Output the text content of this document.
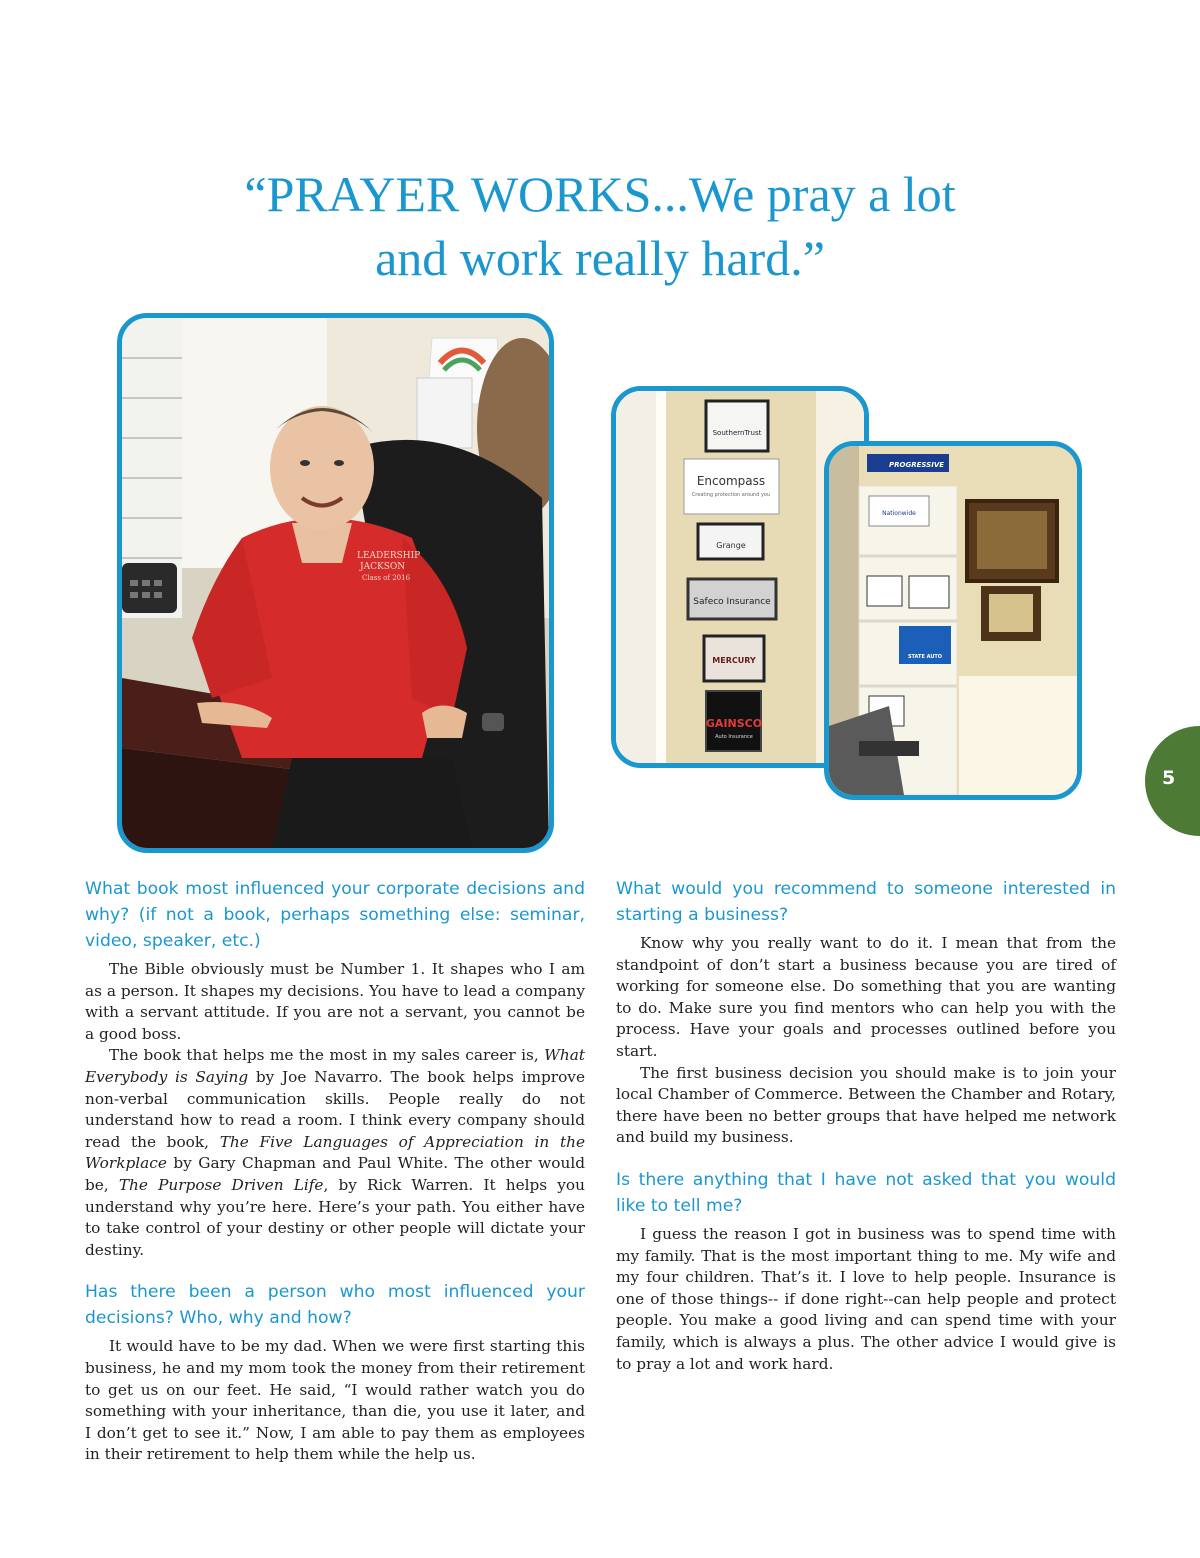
“PRAYER WORKS...We pray a lot
and work really hard.”
LEADERSHIP
JACKSON
Class of 2016
SouthernTrust
Encompass
Creating protection around you
Grange
Safeco Insurance
MERCURY
GAINSCO
Auto Insurance
PROGRESSIVE
Nationwide
STATE AUTO

What book most influenced your corporate decisions and why? (if not a book, perhaps something else: seminar, video, speaker, etc.)

The Bible obviously must be Number 1. It shapes who I am as a person. It shapes my decisions. You have to lead a company with a servant attitude. If you are not a servant, you cannot be a good boss.

The book that helps me the most in my sales career is, What Everybody is Saying by Joe Navarro. The book helps improve non-verbal communication skills. People really do not understand how to read a room. I think every company should read the book, The Five Languages of Appreciation in the Workplace by Gary Chapman and Paul White. The other would be, The Purpose Driven Life, by Rick Warren. It helps you understand why you’re here. Here’s your path. You either have to take control of your destiny or other people will dictate your destiny.

Has there been a person who most influenced your decisions? Who, why and how?

It would have to be my dad. When we were first starting this business, he and my mom took the money from their retirement to get us on our feet. He said, “I would rather watch you do something with your inheritance, than die, you use it later, and I don’t get to see it.” Now, I am able to pay them as employees in their retirement to help them while the help us.

What would you recommend to someone interested in starting a business?

Know why you really want to do it. I mean that from the standpoint of don’t start a business because you are tired of working for someone else. Do something that you are wanting to do. Make sure you find mentors who can help you with the process. Have your goals and processes outlined before you start.

The first business decision you should make is to join your local Chamber of Commerce. Between the Chamber and Rotary, there have been no better groups that have helped me network and build my business.

Is there anything that I have not asked that you would like to tell me?

I guess the reason I got in business was to spend time with my family. That is the most important thing to me. My wife and my four children. That’s it. I love to help people. Insurance is one of those things-- if done right--can help people and protect people. You make a good living and can spend time with your family, which is always a plus. The other advice I would give is to pray a lot and work hard.

5
